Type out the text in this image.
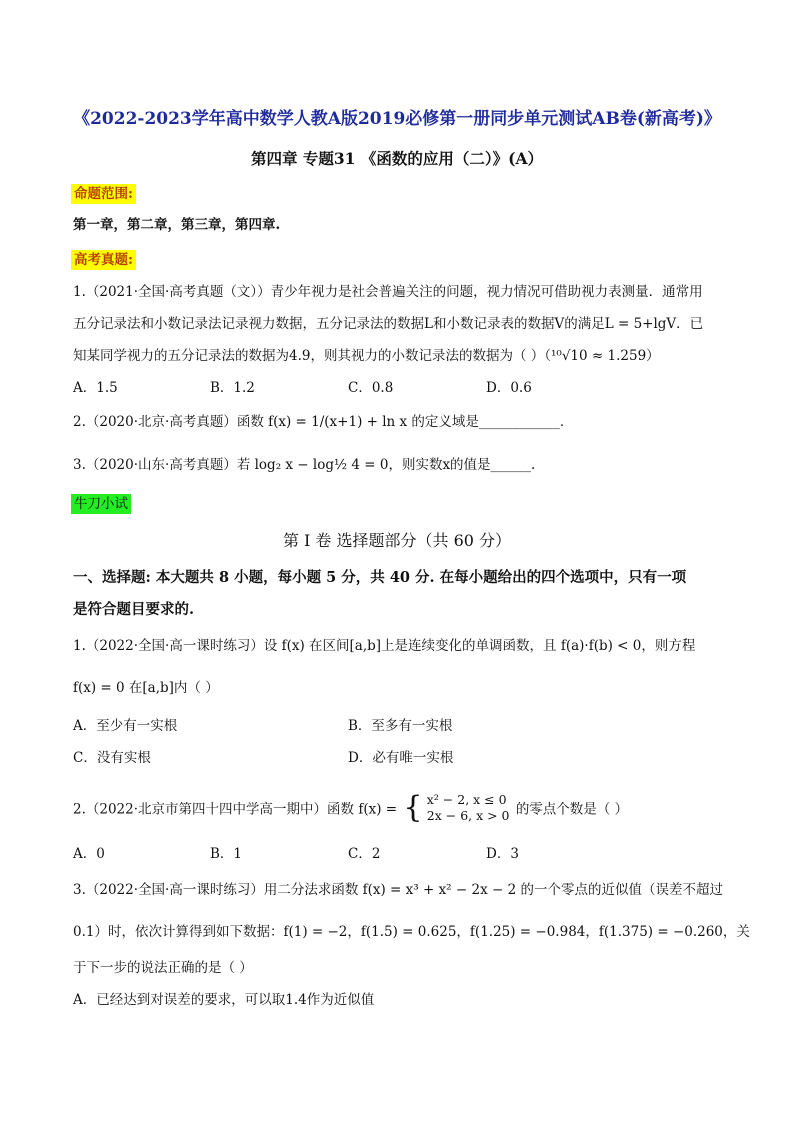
《2022-2023学年高中数学人教A版2019必修第一册同步单元测试AB卷(新高考)》
第四章 专题31 《函数的应用（二）》(A）
命题范围:
第一章，第二章，第三章，第四章.
高考真题:
1.（2021·全国·高考真题（文））青少年视力是社会普遍关注的问题，视力情况可借助视力表测量．通常用
五分记录法和小数记录法记录视力数据，五分记录法的数据L和小数记录表的数据V的满足L = 5+lgV．已
知某同学视力的五分记录法的数据为4.9，则其视力的小数记录法的数据为（ ）（¹⁰√10 ≈ 1.259）
A．1.5	B．1.2	C．0.8	D．0.6
2.（2020·北京·高考真题）函数 f(x) = 1/(x+1) + ln x 的定义域是____________．
3.（2020·山东·高考真题）若 log₂ x − log½ 4 = 0，则实数x的值是______.
牛刀小试
第 I 卷 选择题部分（共 60 分）
一、选择题: 本大题共 8 小题，每小题 5 分，共 40 分. 在每小题给出的四个选项中，只有一项
是符合题目要求的.
1.（2022·全国·高一课时练习）设 f(x) 在区间[a,b]上是连续变化的单调函数，且 f(a)·f(b) < 0，则方程
f(x) = 0 在[a,b]内（ ）
A．至少有一实根	B．至多有一实根
C．没有实根	D．必有唯一实根
2.（2022·北京市第四十四中学高一期中）函数 f(x) = { x² − 2, x ≤ 0
2x − 6, x > 0 的零点个数是（ ）
A．0	B．1	C．2	D．3
3.（2022·全国·高一课时练习）用二分法求函数 f(x) = x³ + x² − 2x − 2 的一个零点的近似值（误差不超过
0.1）时，依次计算得到如下数据：f(1) = −2，f(1.5) = 0.625，f(1.25) = −0.984，f(1.375) = −0.260，关
于下一步的说法正确的是（ ）
A．已经达到对误差的要求，可以取1.4作为近似值
